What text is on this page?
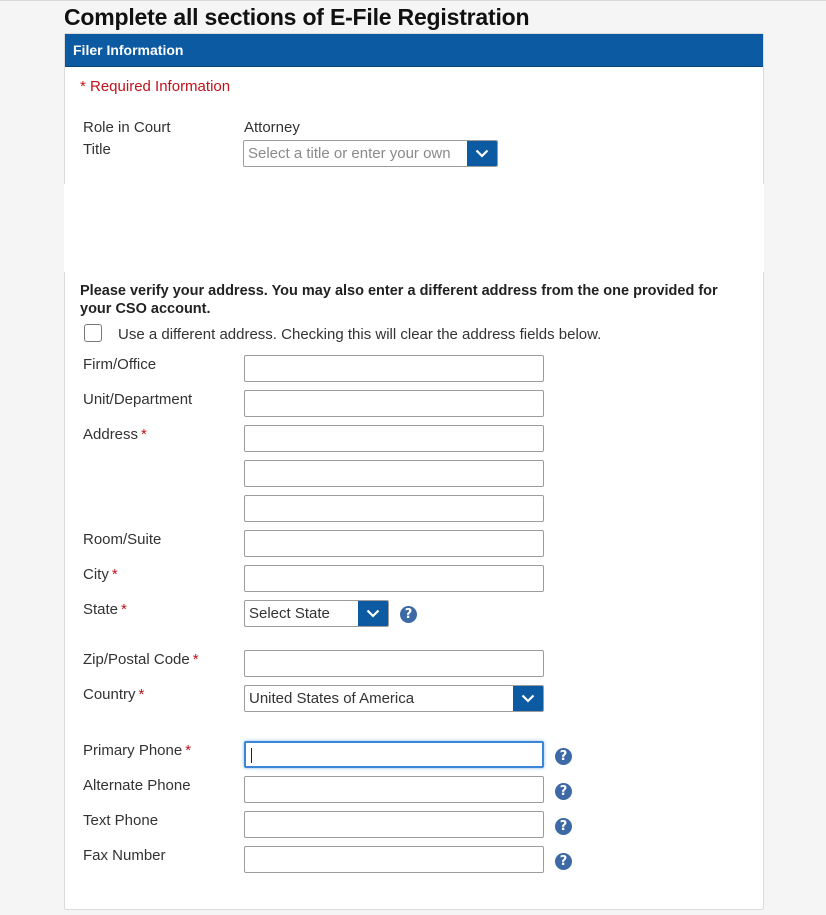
Complete all sections of E-File Registration
Filer Information
* Required Information
Role in Court	Attorney
Title	Select a title or enter your own
Please verify your address. You may also enter a different address from the one provided for your CSO account.
Use a different address. Checking this will clear the address fields below.
Firm/Office
Unit/Department
Address *
Room/Suite
City *
State *	Select State	?
Zip/Postal Code *
Country *	United States of America
Primary Phone *	?
Alternate Phone	?
Text Phone	?
Fax Number	?
